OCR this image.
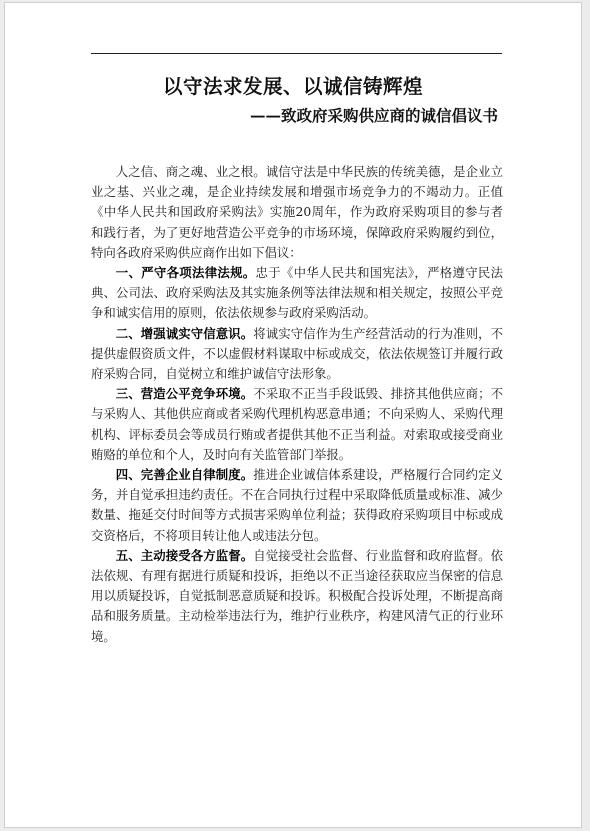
以守法求发展、以诚信铸辉煌
——致政府采购供应商的诚信倡议书

人之信、商之魂、业之根。诚信守法是中华民族的传统美德，是企业立业之基、兴业之魂，是企业持续发展和增强市场竞争力的不竭动力。正值《中华人民共和国政府采购法》实施20周年，作为政府采购项目的参与者和践行者，为了更好地营造公平竞争的市场环境，保障政府采购履约到位，特向各政府采购供应商作出如下倡议：

一、严守各项法律法规。忠于《中华人民共和国宪法》，严格遵守民法典、公司法、政府采购法及其实施条例等法律法规和相关规定，按照公平竞争和诚实信用的原则，依法依规参与政府采购活动。

二、增强诚实守信意识。将诚实守信作为生产经营活动的行为准则，不提供虚假资质文件，不以虚假材料谋取中标或成交，依法依规签订并履行政府采购合同，自觉树立和维护诚信守法形象。

三、营造公平竞争环境。不采取不正当手段诋毁、排挤其他供应商；不与采购人、其他供应商或者采购代理机构恶意串通；不向采购人、采购代理机构、评标委员会等成员行贿或者提供其他不正当利益。对索取或接受商业贿赂的单位和个人，及时向有关监管部门举报。

四、完善企业自律制度。推进企业诚信体系建设，严格履行合同约定义务，并自觉承担违约责任。不在合同执行过程中采取降低质量或标准、减少数量、拖延交付时间等方式损害采购单位利益；获得政府采购项目中标或成交资格后，不将项目转让他人或违法分包。

五、主动接受各方监督。自觉接受社会监督、行业监督和政府监督。依法依规、有理有据进行质疑和投诉，拒绝以不正当途径获取应当保密的信息用以质疑投诉，自觉抵制恶意质疑和投诉。积极配合投诉处理，不断提高商品和服务质量。主动检举违法行为，维护行业秩序，构建风清气正的行业环境。
